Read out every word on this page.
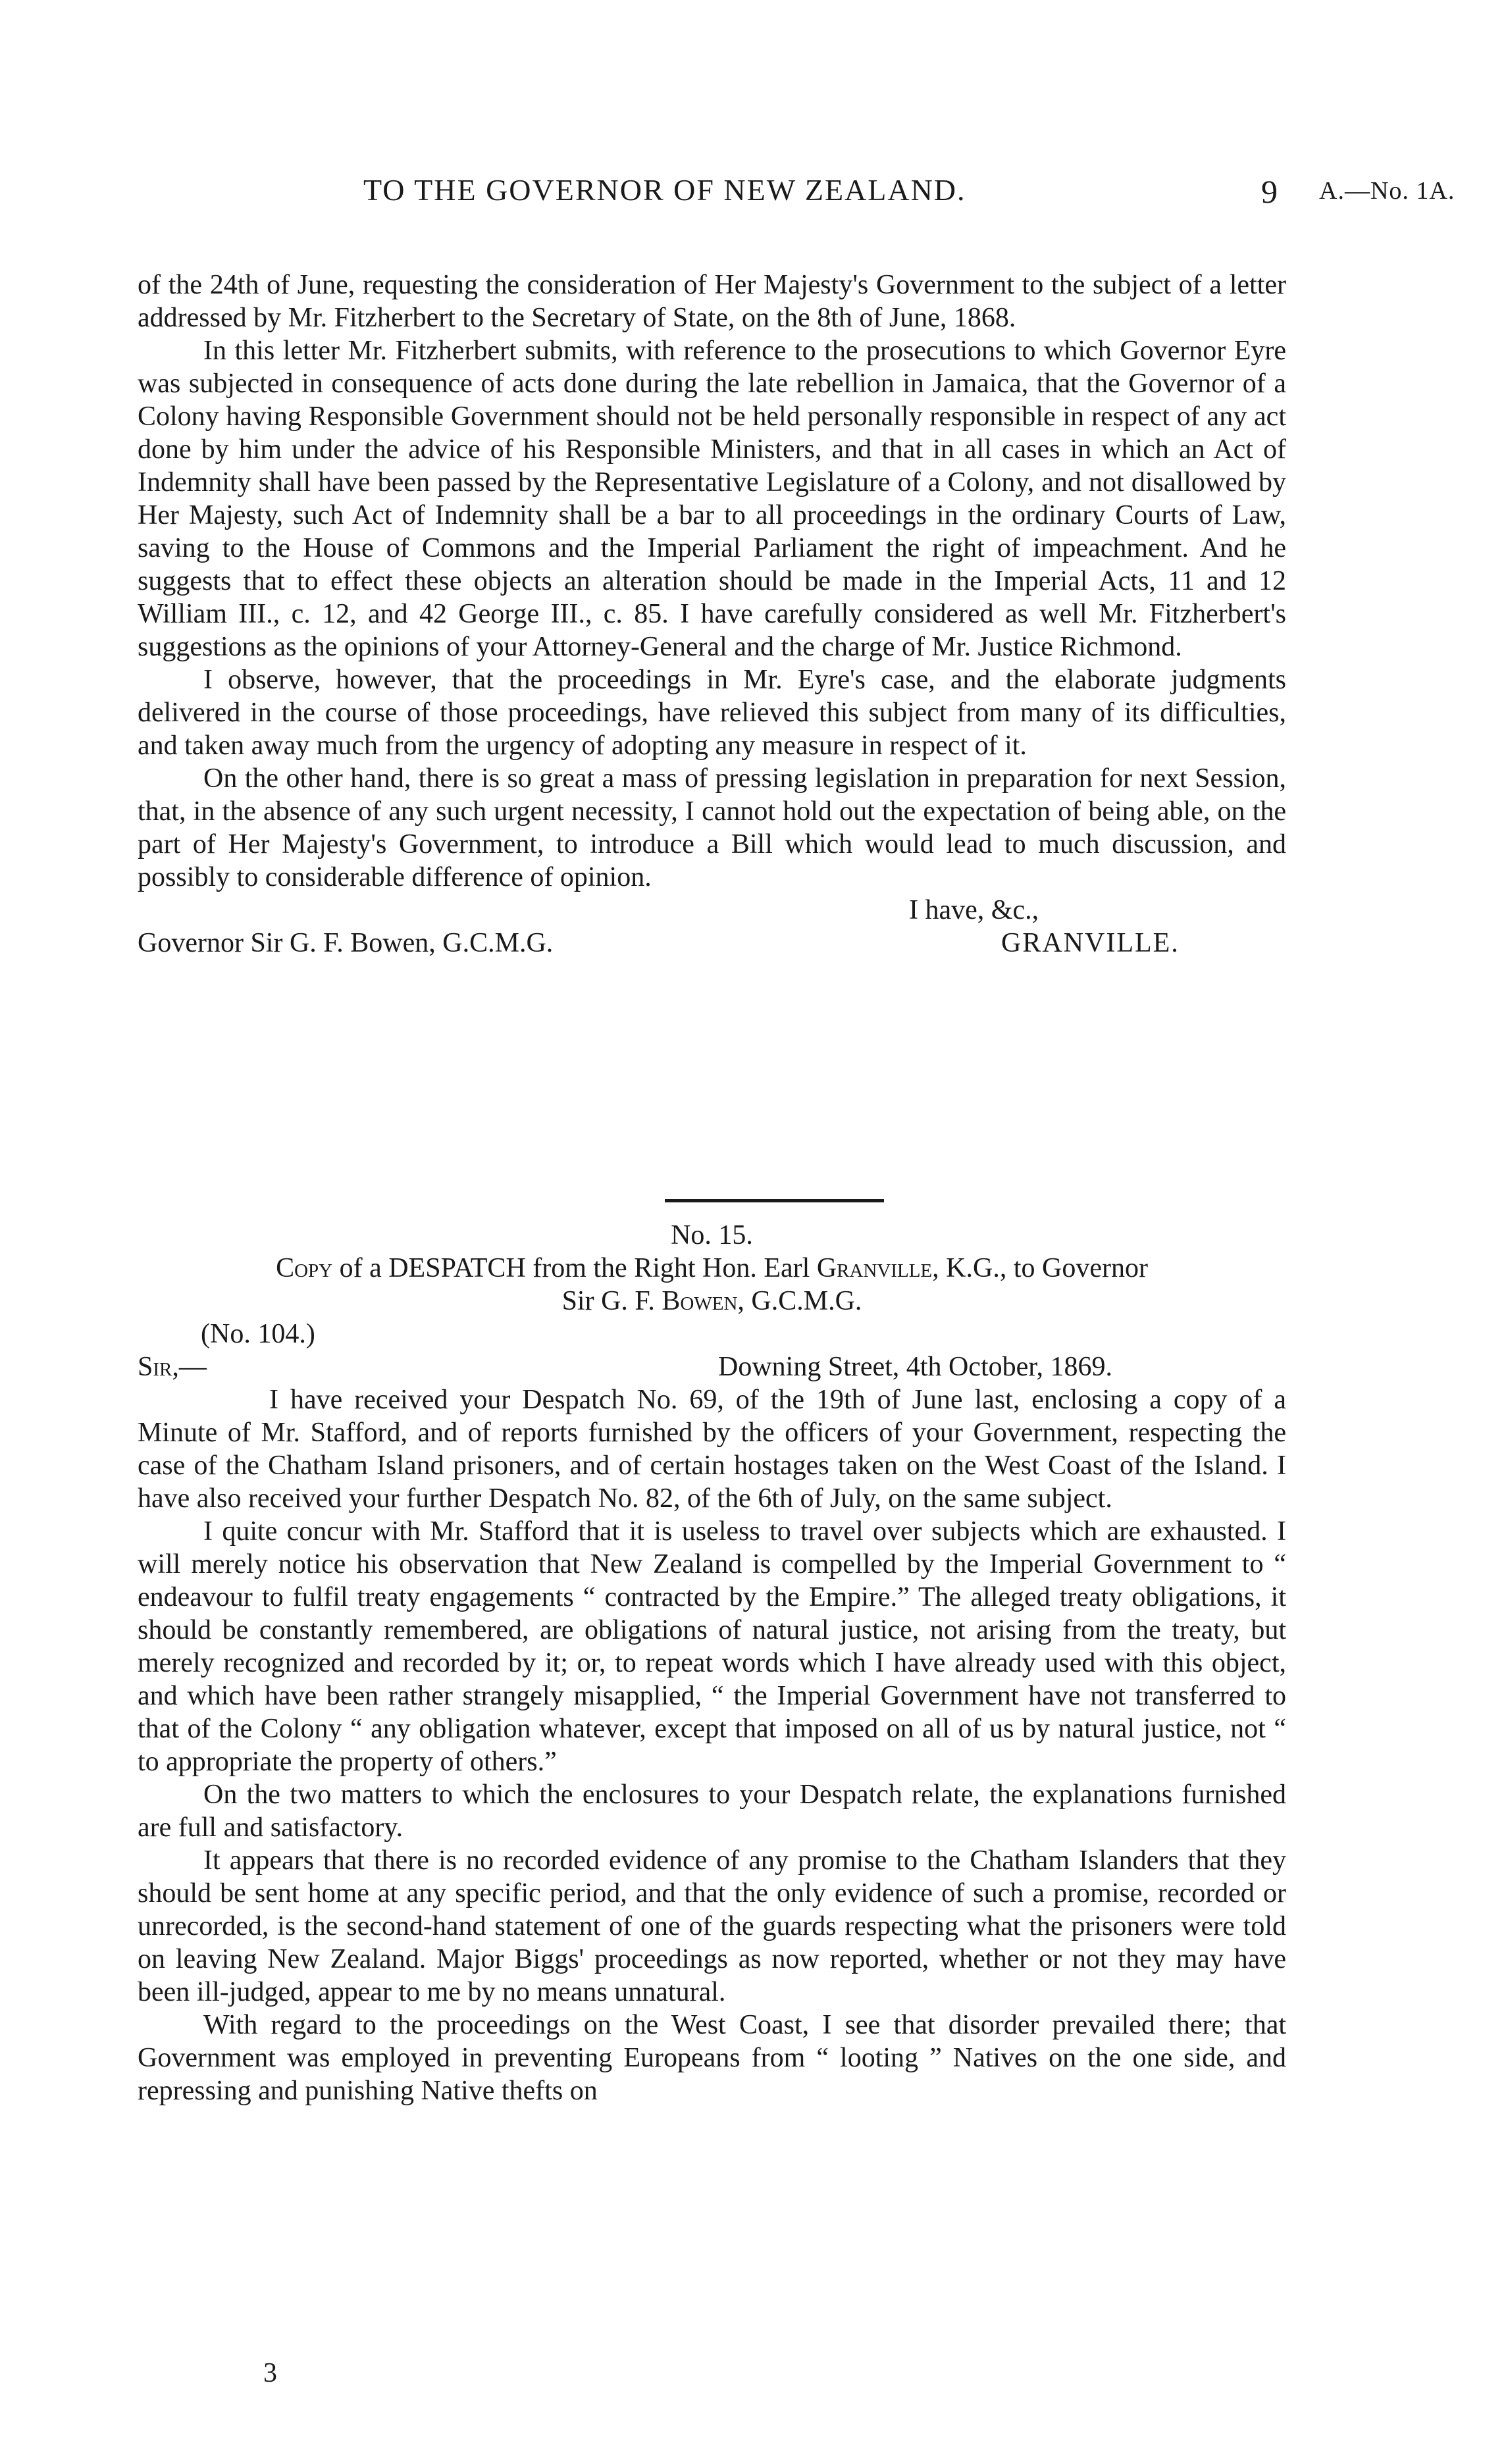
TO THE GOVERNOR OF NEW ZEALAND.	9 A.—No. 1A.

of the 24th of June, requesting the consideration of Her Majesty's Government to the subject of a letter addressed by Mr. Fitzherbert to the Secretary of State, on the 8th of June, 1868.

In this letter Mr. Fitzherbert submits, with reference to the prosecutions to which Governor Eyre was subjected in consequence of acts done during the late rebellion in Jamaica, that the Governor of a Colony having Responsible Government should not be held personally responsible in respect of any act done by him under the advice of his Responsible Ministers, and that in all cases in which an Act of Indemnity shall have been passed by the Representative Legislature of a Colony, and not disallowed by Her Majesty, such Act of Indemnity shall be a bar to all proceedings in the ordinary Courts of Law, saving to the House of Commons and the Imperial Parliament the right of impeachment. And he suggests that to effect these objects an alteration should be made in the Imperial Acts, 11 and 12 William III., c. 12, and 42 George III., c. 85. I have carefully considered as well Mr. Fitzherbert's suggestions as the opinions of your Attorney-General and the charge of Mr. Justice Richmond.

I observe, however, that the proceedings in Mr. Eyre's case, and the elaborate judgments delivered in the course of those proceedings, have relieved this subject from many of its difficulties, and taken away much from the urgency of adopting any measure in respect of it.

On the other hand, there is so great a mass of pressing legislation in preparation for next Session, that, in the absence of any such urgent necessity, I cannot hold out the expectation of being able, on the part of Her Majesty's Government, to introduce a Bill which would lead to much discussion, and possibly to considerable difference of opinion.

I have, &c.,
Governor Sir G. F. Bowen, G.C.M.G.	GRANVILLE.

No. 15.

Copy of a DESPATCH from the Right Hon. Earl Granville, K.G., to Governor

Sir G. F. Bowen, G.C.M.G.

(No. 104.)
Sir,—	Downing Street, 4th October, 1869.

I have received your Despatch No. 69, of the 19th of June last, enclosing a copy of a Minute of Mr. Stafford, and of reports furnished by the officers of your Government, respecting the case of the Chatham Island prisoners, and of certain hostages taken on the West Coast of the Island. I have also received your further Despatch No. 82, of the 6th of July, on the same subject.

I quite concur with Mr. Stafford that it is useless to travel over subjects which are exhausted. I will merely notice his observation that New Zealand is compelled by the Imperial Government to “ endeavour to fulfil treaty engagements “ contracted by the Empire.” The alleged treaty obligations, it should be constantly remembered, are obligations of natural justice, not arising from the treaty, but merely recognized and recorded by it; or, to repeat words which I have already used with this object, and which have been rather strangely misapplied, “ the Imperial Government have not transferred to that of the Colony “ any obligation whatever, except that imposed on all of us by natural justice, not “ to appropriate the property of others.”

On the two matters to which the enclosures to your Despatch relate, the explanations furnished are full and satisfactory.

It appears that there is no recorded evidence of any promise to the Chatham Islanders that they should be sent home at any specific period, and that the only evidence of such a promise, recorded or unrecorded, is the second-hand statement of one of the guards respecting what the prisoners were told on leaving New Zealand. Major Biggs' proceedings as now reported, whether or not they may have been ill-judged, appear to me by no means unnatural.

With regard to the proceedings on the West Coast, I see that disorder prevailed there; that Government was employed in preventing Europeans from “ looting ” Natives on the one side, and repressing and punishing Native thefts on

3
